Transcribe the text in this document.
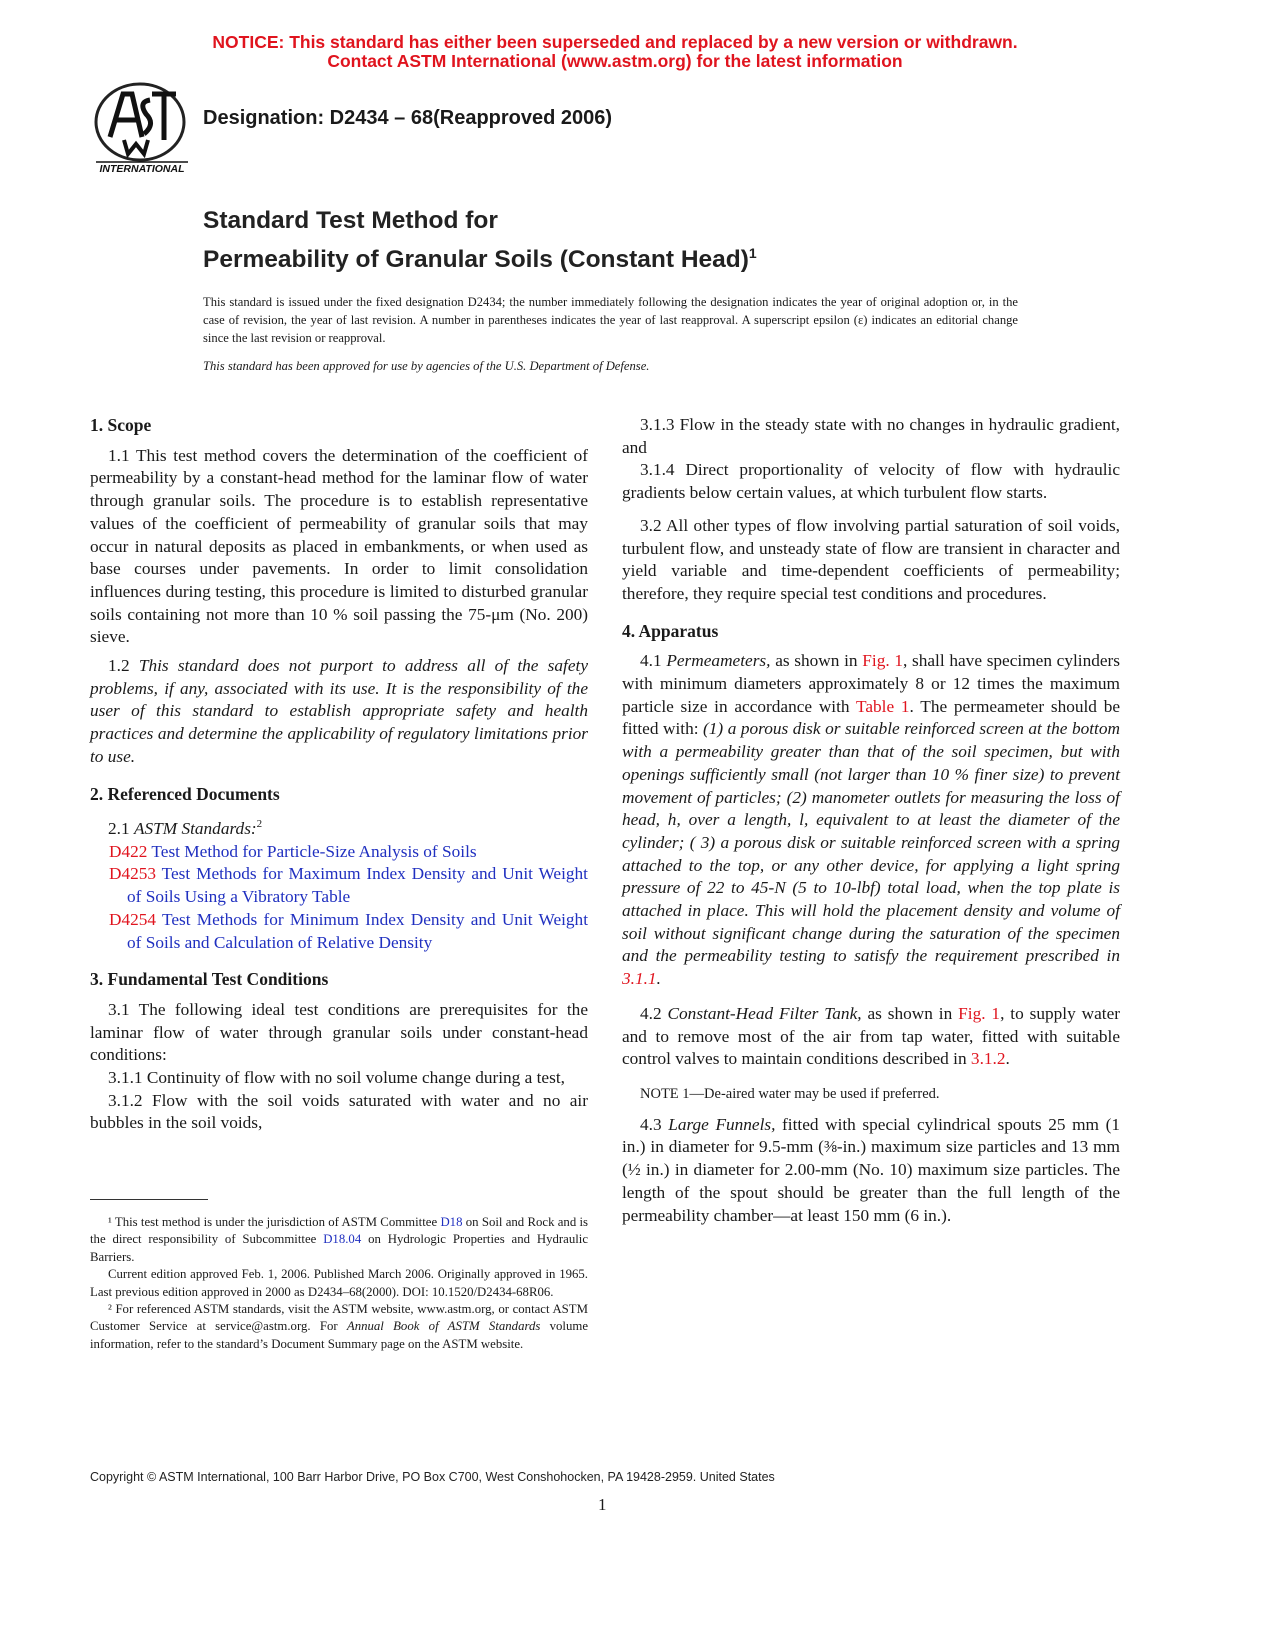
NOTICE: This standard has either been superseded and replaced by a new version or withdrawn.
Contact ASTM International (www.astm.org) for the latest information
INTERNATIONAL
Designation: D2434 – 68(Reapproved 2006)
Standard Test Method for
Permeability of Granular Soils (Constant Head)$^1$
This standard is issued under the fixed designation D2434; the number immediately following the designation indicates the year of original adoption or, in the case of revision, the year of last revision. A number in parentheses indicates the year of last reapproval. A superscript epsilon (ε) indicates an editorial change since the last revision or reapproval.
This standard has been approved for use by agencies of the U.S. Department of Defense.
1. Scope

1.1 This test method covers the determination of the coefficient of permeability by a constant-head method for the laminar flow of water through granular soils. The procedure is to establish representative values of the coefficient of permeability of granular soils that may occur in natural deposits as placed in embankments, or when used as base courses under pavements. In order to limit consolidation influences during testing, this procedure is limited to disturbed granular soils containing not more than 10 % soil passing the 75-μm (No. 200) sieve.

1.2 This standard does not purport to address all of the safety problems, if any, associated with its use. It is the responsibility of the user of this standard to establish appropriate safety and health practices and determine the applicability of regulatory limitations prior to use.

2. Referenced Documents

2.1 ASTM Standards:$^2$

D422 Test Method for Particle-Size Analysis of Soils

D4253 Test Methods for Maximum Index Density and Unit Weight of Soils Using a Vibratory Table

D4254 Test Methods for Minimum Index Density and Unit Weight of Soils and Calculation of Relative Density

3. Fundamental Test Conditions

3.1 The following ideal test conditions are prerequisites for the laminar flow of water through granular soils under constant-head conditions:

3.1.1 Continuity of flow with no soil volume change during a test,

3.1.2 Flow with the soil voids saturated with water and no air bubbles in the soil voids,

¹ This test method is under the jurisdiction of ASTM Committee D18 on Soil and Rock and is the direct responsibility of Subcommittee D18.04 on Hydrologic Properties and Hydraulic Barriers.

Current edition approved Feb. 1, 2006. Published March 2006. Originally approved in 1965. Last previous edition approved in 2000 as D2434–68(2000). DOI: 10.1520/D2434-68R06.

² For referenced ASTM standards, visit the ASTM website, www.astm.org, or contact ASTM Customer Service at service@astm.org. For Annual Book of ASTM Standards volume information, refer to the standard’s Document Summary page on the ASTM website.

3.1.3 Flow in the steady state with no changes in hydraulic gradient, and

3.1.4 Direct proportionality of velocity of flow with hydraulic gradients below certain values, at which turbulent flow starts.

3.2 All other types of flow involving partial saturation of soil voids, turbulent flow, and unsteady state of flow are transient in character and yield variable and time-dependent coefficients of permeability; therefore, they require special test conditions and procedures.

4. Apparatus

4.1 Permeameters, as shown in Fig. 1, shall have specimen cylinders with minimum diameters approximately 8 or 12 times the maximum particle size in accordance with Table 1. The permeameter should be fitted with: (1) a porous disk or suitable reinforced screen at the bottom with a permeability greater than that of the soil specimen, but with openings sufficiently small (not larger than 10 % finer size) to prevent movement of particles; (2) manometer outlets for measuring the loss of head, h, over a length, l, equivalent to at least the diameter of the cylinder; ( 3) a porous disk or suitable reinforced screen with a spring attached to the top, or any other device, for applying a light spring pressure of 22 to 45-N (5 to 10-lbf) total load, when the top plate is attached in place. This will hold the placement density and volume of soil without significant change during the saturation of the specimen and the permeability testing to satisfy the requirement prescribed in 3.1.1.

4.2 Constant-Head Filter Tank, as shown in Fig. 1, to supply water and to remove most of the air from tap water, fitted with suitable control valves to maintain conditions described in 3.1.2.

NOTE 1—De-aired water may be used if preferred.

4.3 Large Funnels, fitted with special cylindrical spouts 25 mm (1 in.) in diameter for 9.5-mm (⅜-in.) maximum size particles and 13 mm (½ in.) in diameter for 2.00-mm (No. 10) maximum size particles. The length of the spout should be greater than the full length of the permeability chamber—at least 150 mm (6 in.).

Copyright © ASTM International, 100 Barr Harbor Drive, PO Box C700, West Conshohocken, PA 19428-2959. United States
1
